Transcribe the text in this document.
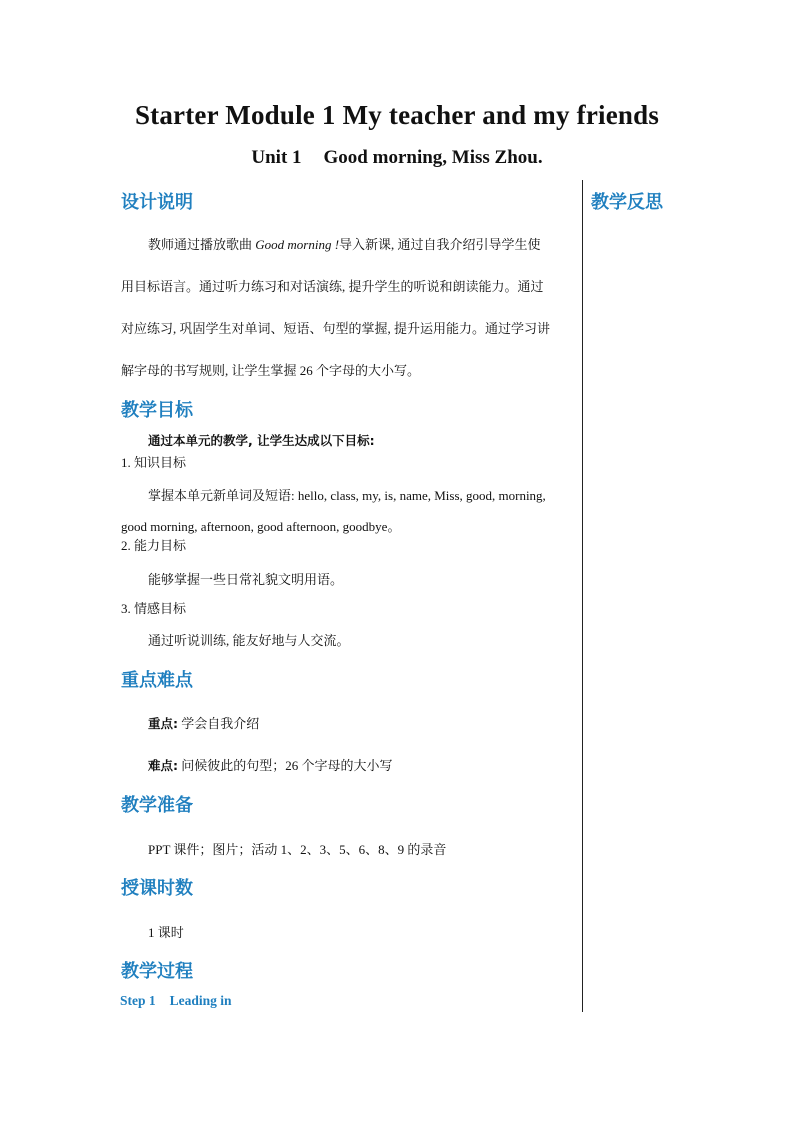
Starter Module 1 My teacher and my friends
Unit 1 Good morning, Miss Zhou.
教学反思
设计说明
教师通过播放歌曲 Good morning !导入新课, 通过自我介绍引导学生使
用目标语言。通过听力练习和对话演练, 提升学生的听说和朗读能力。通过
对应练习, 巩固学生对单词、短语、句型的掌握, 提升运用能力。通过学习讲
解字母的书写规则, 让学生掌握 26 个字母的大小写。
教学目标
通过本单元的教学, 让学生达成以下目标:
1. 知识目标
掌握本单元新单词及短语: hello, class, my, is, name, Miss, good, morning,
good morning, afternoon, good afternoon, goodbye。
2. 能力目标
能够掌握一些日常礼貌文明用语。
3. 情感目标
通过听说训练, 能友好地与人交流。
重点难点
重点: 学会自我介绍
难点: 问候彼此的句型；26 个字母的大小写
教学准备
PPT 课件；图片；活动 1、2、3、5、6、8、9 的录音
授课时数
1 课时
教学过程
Step 1 Leading in
